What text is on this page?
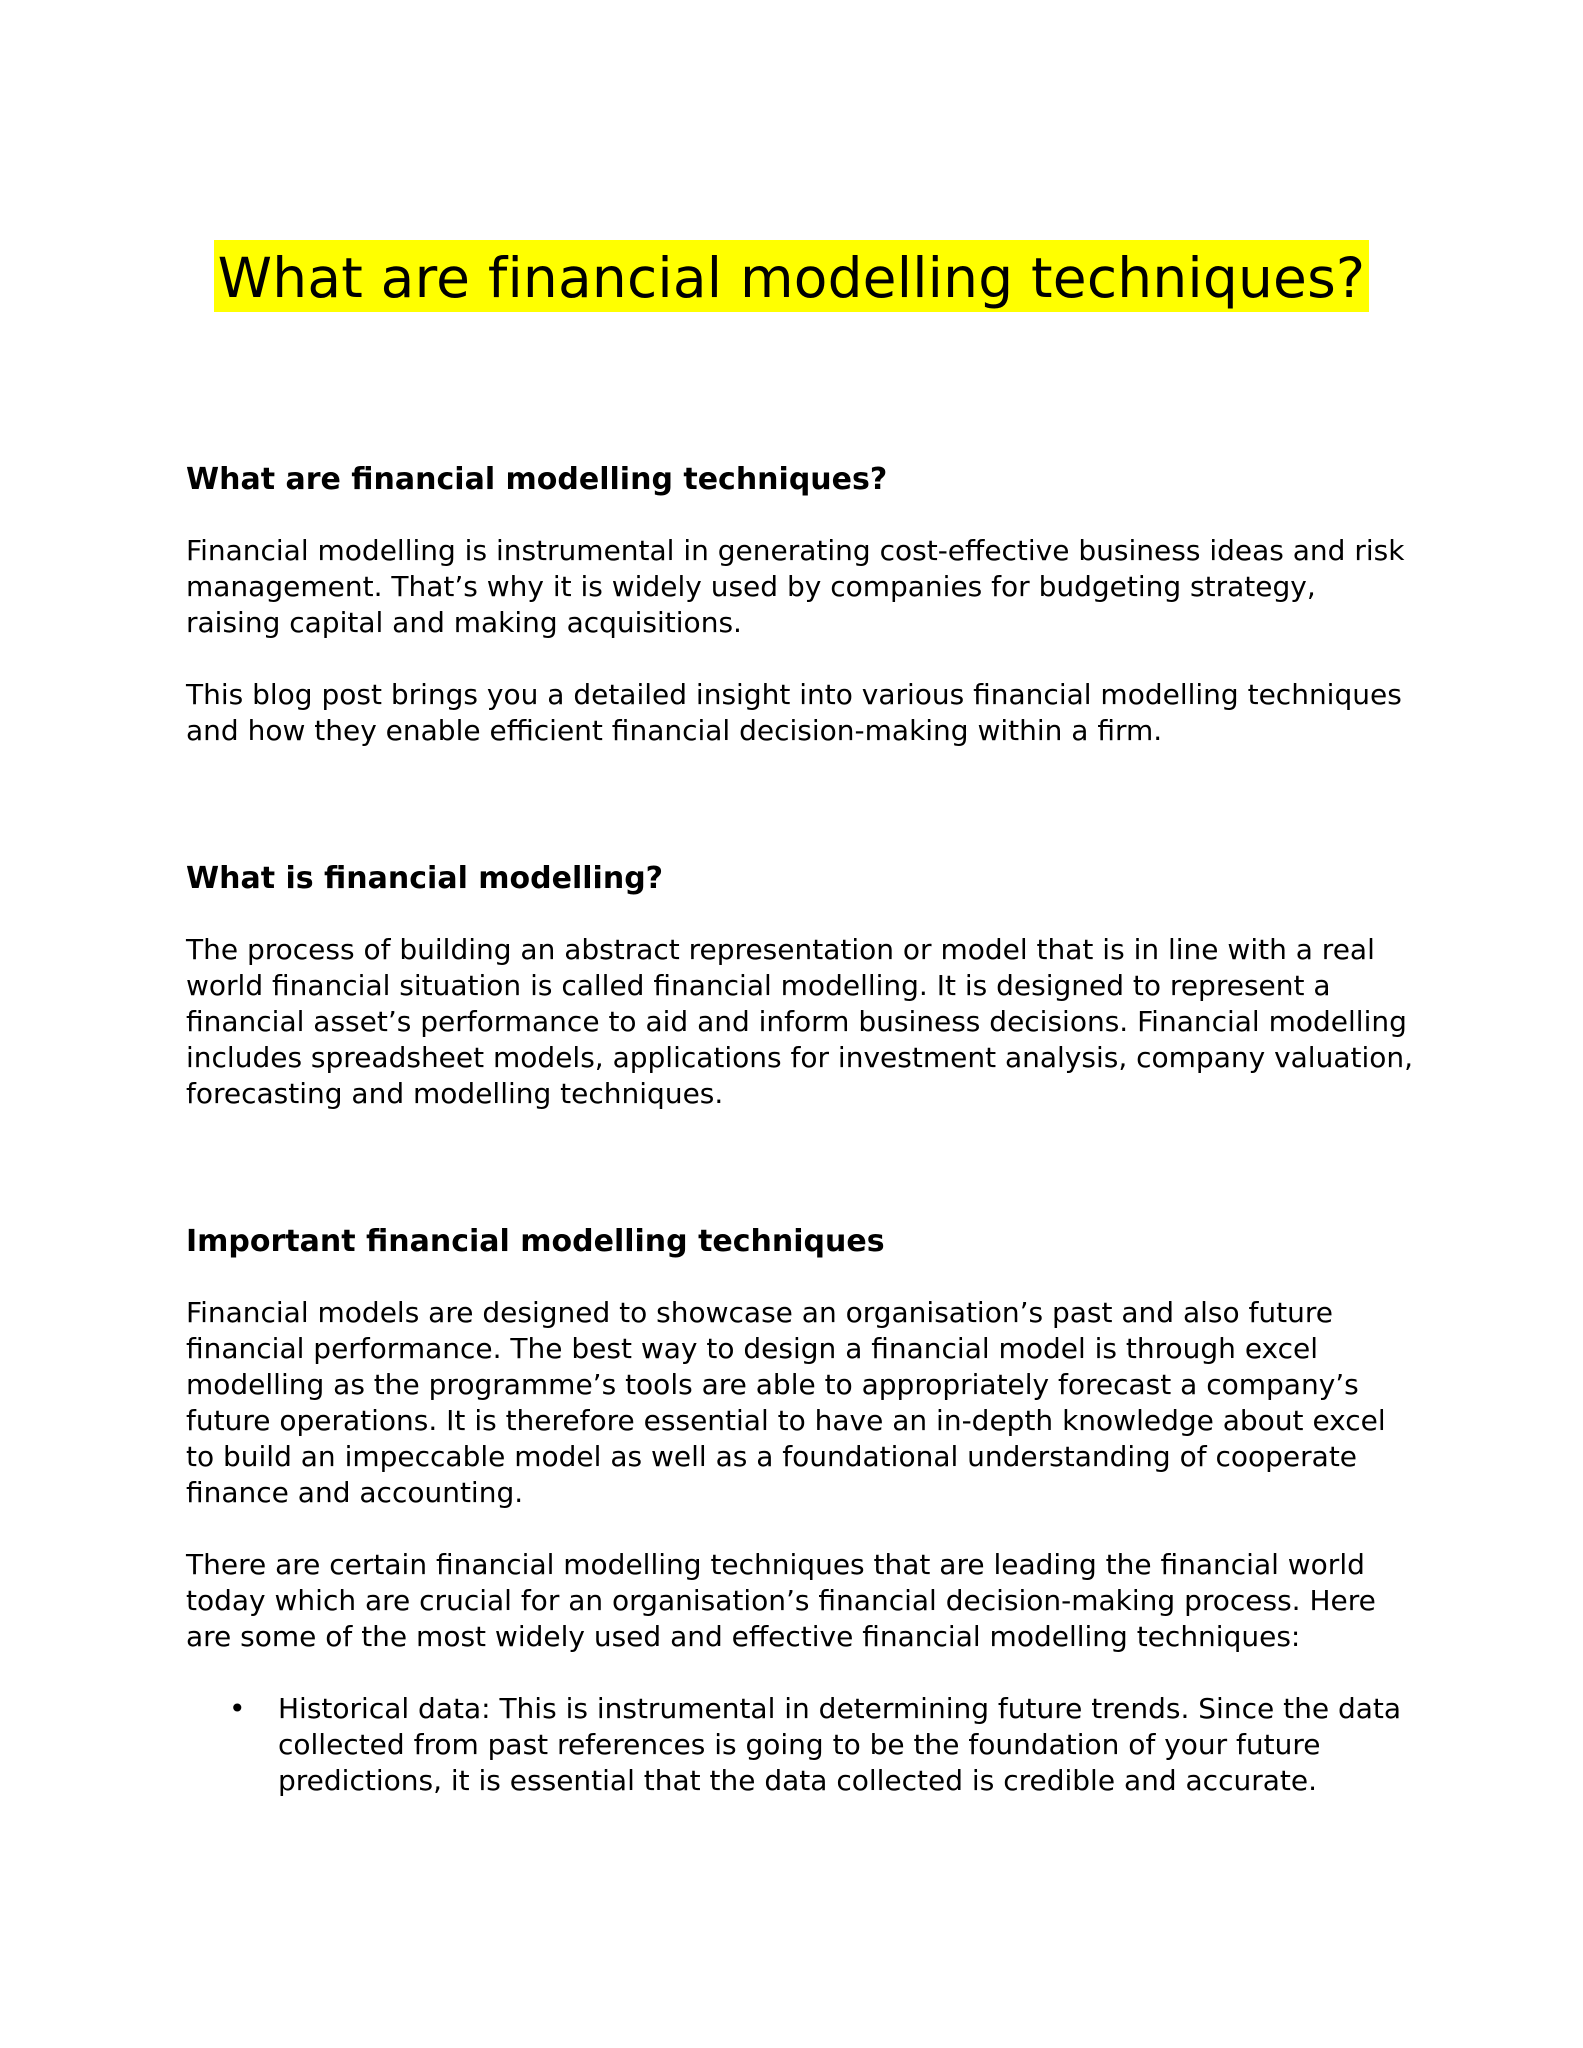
What are financial modelling techniques?
What are financial modelling techniques?

Financial modelling is instrumental in generating cost-effective business ideas and risk management. That’s why it is widely used by companies for budgeting strategy, raising capital and making acquisitions.

This blog post brings you a detailed insight into various financial modelling techniques and how they enable efficient financial decision-making within a firm.

What is financial modelling?

The process of building an abstract representation or model that is in line with a real world financial situation is called financial modelling. It is designed to represent a financial asset’s performance to aid and inform business decisions. Financial modelling includes spreadsheet models, applications for investment analysis, company valuation, forecasting and modelling techniques.

Important financial modelling techniques

Financial models are designed to showcase an organisation’s past and also future financial performance. The best way to design a financial model is through excel modelling as the programme’s tools are able to appropriately forecast a company’s future operations. It is therefore essential to have an in-depth knowledge about excel to build an impeccable model as well as a foundational understanding of cooperate finance and accounting.

There are certain financial modelling techniques that are leading the financial world today which are crucial for an organisation’s financial decision-making process. Here are some of the most widely used and effective financial modelling techniques:

• Historical data: This is instrumental in determining future trends. Since the data collected from past references is going to be the foundation of your future predictions, it is essential that the data collected is credible and accurate.
